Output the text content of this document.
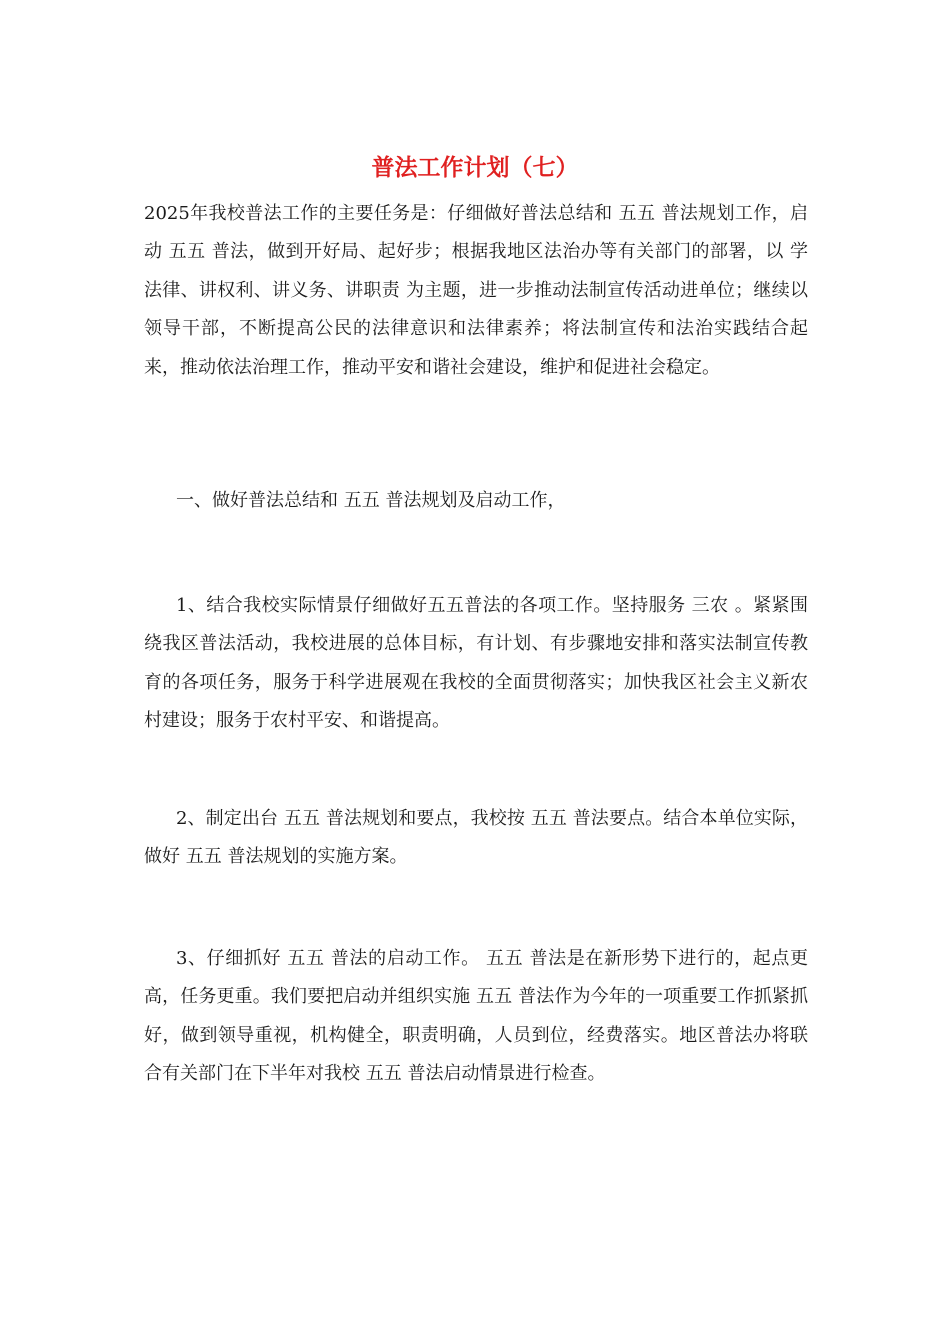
普法工作计划（七）

2025年我校普法工作的主要任务是：仔细做好普法总结和 五五 普法规划工作，启动 五五 普法，做到开好局、起好步；根据我地区法治办等有关部门的部署，以 学法律、讲权利、讲义务、讲职责 为主题，进一步推动法制宣传活动进单位；继续以领导干部，不断提高公民的法律意识和法律素养；将法制宣传和法治实践结合起来，推动依法治理工作，推动平安和谐社会建设，维护和促进社会稳定。

一、做好普法总结和 五五 普法规划及启动工作，

1、结合我校实际情景仔细做好五五普法的各项工作。坚持服务 三农 。紧紧围绕我区普法活动，我校进展的总体目标，有计划、有步骤地安排和落实法制宣传教育的各项任务，服务于科学进展观在我校的全面贯彻落实；加快我区社会主义新农村建设；服务于农村平安、和谐提高。

2、制定出台 五五 普法规划和要点，我校按 五五 普法要点。结合本单位实际，做好 五五 普法规划的实施方案。

3、仔细抓好 五五 普法的启动工作。 五五 普法是在新形势下进行的，起点更高，任务更重。我们要把启动并组织实施 五五 普法作为今年的一项重要工作抓紧抓好，做到领导重视，机构健全，职责明确，人员到位，经费落实。地区普法办将联合有关部门在下半年对我校 五五 普法启动情景进行检查。
